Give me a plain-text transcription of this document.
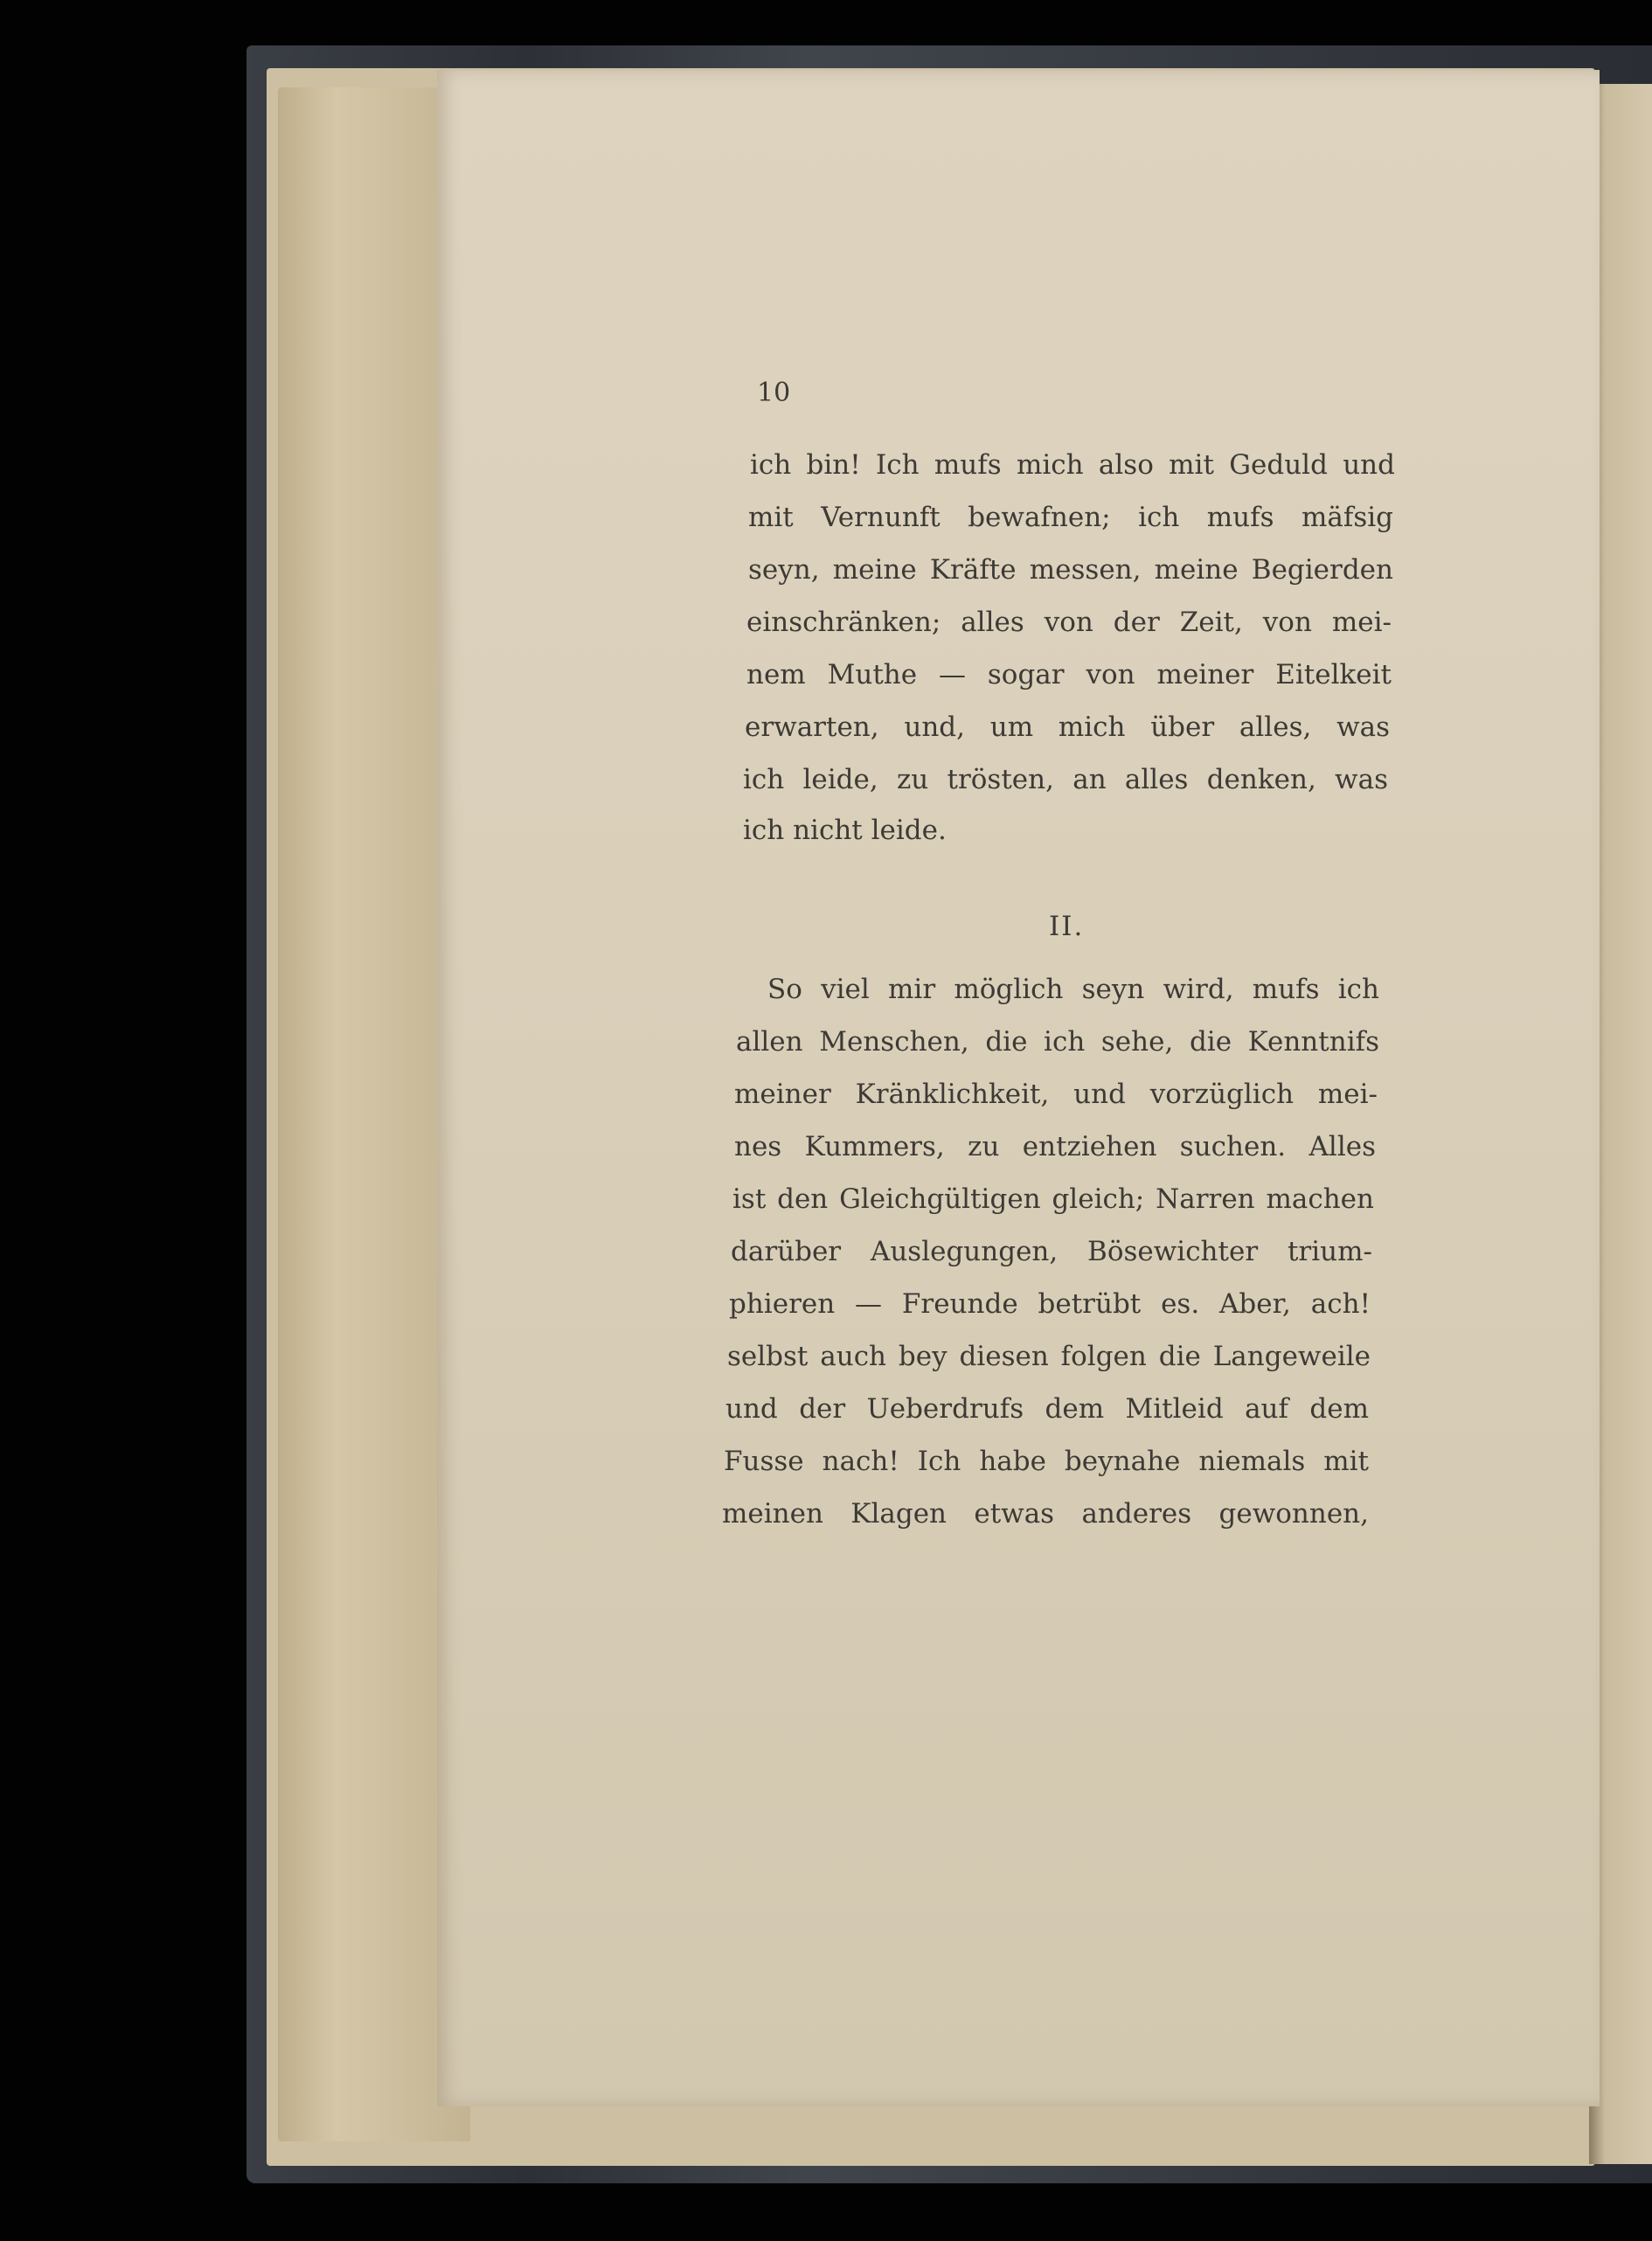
10
ich bin! Ich mufs mich also mit Geduld und
mit Vernunft bewafnen; ich mufs mäfsig
seyn, meine Kräfte messen, meine Begierden
einschränken; alles von der Zeit, von mei-
nem Muthe — sogar von meiner Eitelkeit
erwarten, und, um mich über alles, was
ich leide, zu trösten, an alles denken, was
ich nicht leide.
II.
So viel mir möglich seyn wird, mufs ich
allen Menschen, die ich sehe, die Kenntnifs
meiner Kränklichkeit, und vorzüglich mei-
nes Kummers, zu entziehen suchen. Alles
ist den Gleichgültigen gleich; Narren machen
darüber Auslegungen, Bösewichter trium-
phieren — Freunde betrübt es. Aber, ach!
selbst auch bey diesen folgen die Langeweile
und der Ueberdrufs dem Mitleid auf dem
Fusse nach! Ich habe beynahe niemals mit
meinen Klagen etwas anderes gewonnen,
